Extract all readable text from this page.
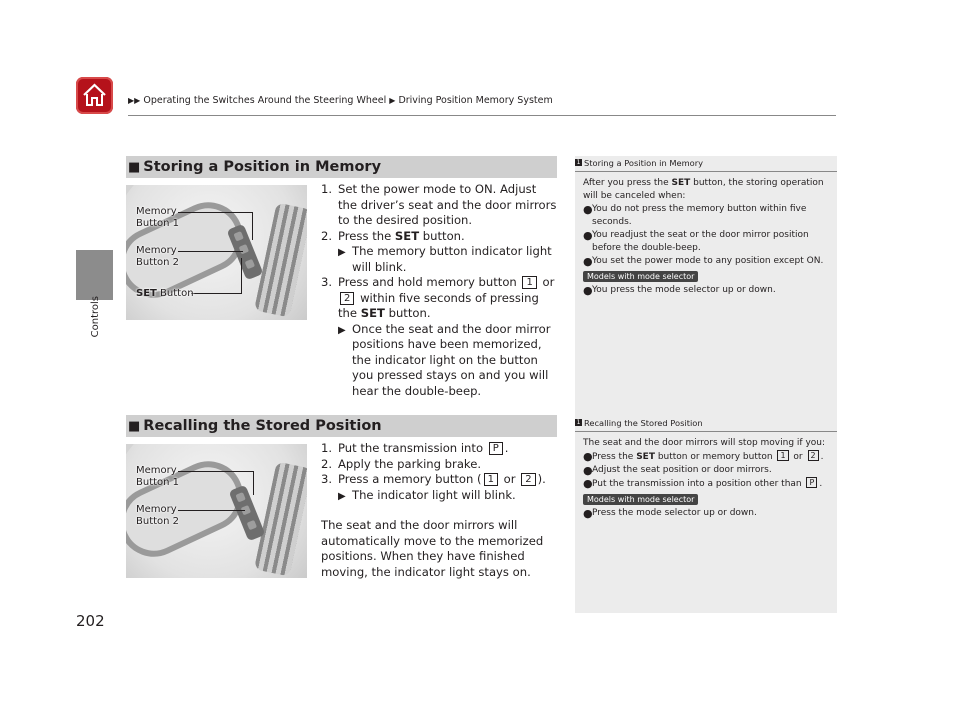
▶▶ Operating the Switches Around the Steering Wheel ▶ Driving Position Memory System
Controls
■ Storing a Position in Memory
Memory
Button 1
Memory
Button 2
SET Button
1. Set the power mode to ON. Adjust the driver’s seat and the door mirrors to the desired position.
2. Press the SET button.
▶ The memory button indicator light will blink.
3. Press and hold memory button 1 or 2 within five seconds of pressing the SET button.
▶ Once the seat and the door mirror positions have been memorized, the indicator light on the button you pressed stays on and you will hear the double-beep.
■ Recalling the Stored Position
Memory
Button 1
Memory
Button 2
1. Put the transmission into P .
2. Apply the parking brake.
3. Press a memory button ( 1 or 2 ).
▶ The indicator light will blink.
The seat and the door mirrors will automatically move to the memorized positions. When they have finished moving, the indicator light stays on.
1 Storing a Position in Memory
After you press the SET button, the storing operation will be canceled when:
● You do not press the memory button within five seconds.
● You readjust the seat or the door mirror position before the double-beep.
● You set the power mode to any position except ON.
Models with mode selector
● You press the mode selector up or down.
1 Recalling the Stored Position
The seat and the door mirrors will stop moving if you:
● Press the SET button or memory button 1 or 2 .
● Adjust the seat position or door mirrors.
● Put the transmission into a position other than P .
Models with mode selector
● Press the mode selector up or down.
202
